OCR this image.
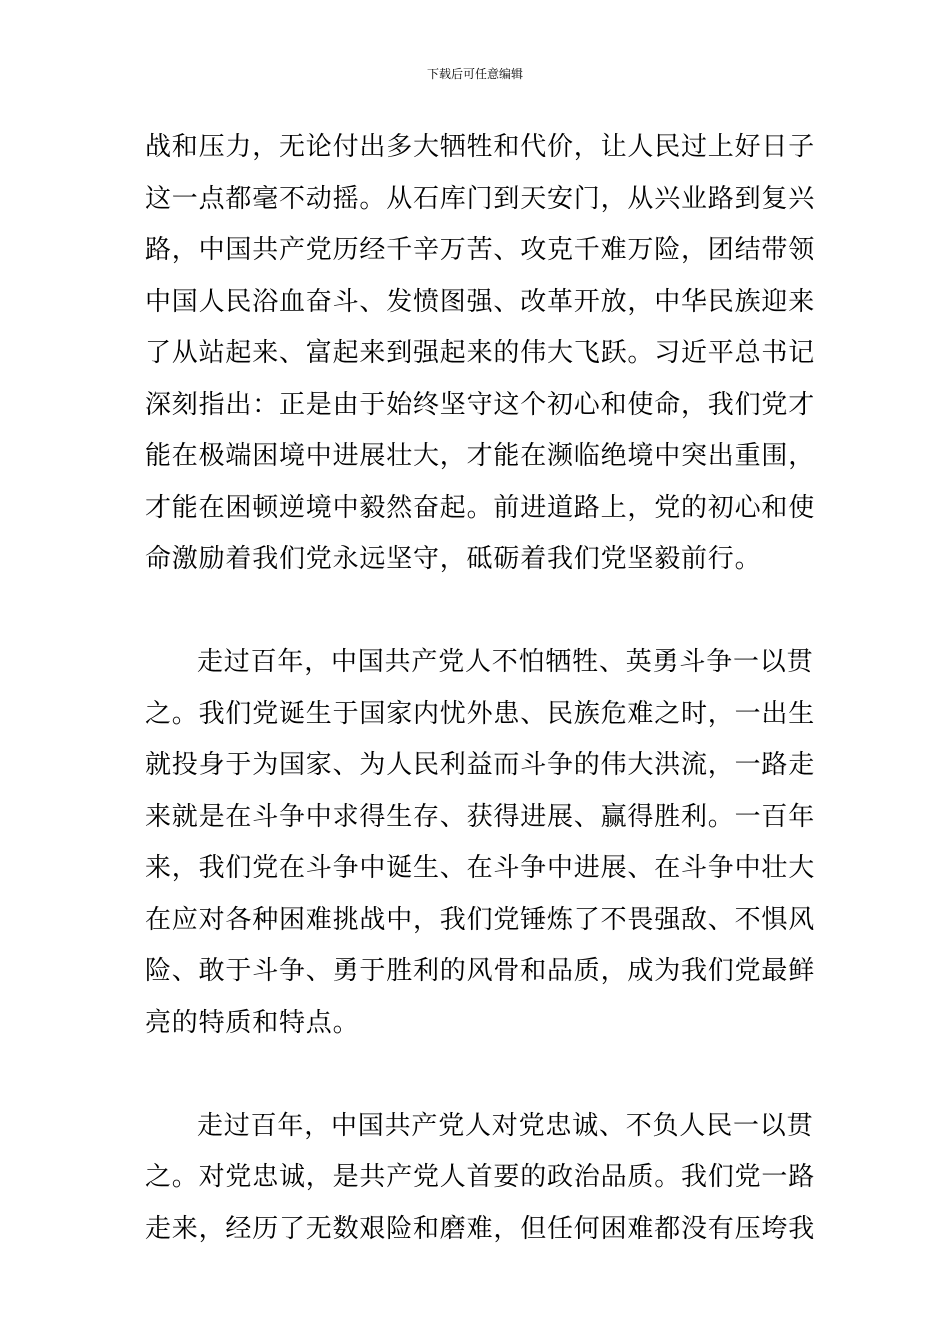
下载后可任意编辑

战和压力，无论付出多大牺牲和代价，让人民过上好日子
这一点都毫不动摇。从石库门到天安门，从兴业路到复兴
路，中国共产党历经千辛万苦、攻克千难万险，团结带领
中国人民浴血奋斗、发愤图强、改革开放，中华民族迎来
了从站起来、富起来到强起来的伟大飞跃。习近平总书记
深刻指出：正是由于始终坚守这个初心和使命，我们党才
能在极端困境中进展壮大，才能在濒临绝境中突出重围，
才能在困顿逆境中毅然奋起。前进道路上，党的初心和使
命激励着我们党永远坚守，砥砺着我们党坚毅前行。

走过百年，中国共产党人不怕牺牲、英勇斗争一以贯
之。我们党诞生于国家内忧外患、民族危难之时，一出生
就投身于为国家、为人民利益而斗争的伟大洪流，一路走
来就是在斗争中求得生存、获得进展、赢得胜利。一百年
来，我们党在斗争中诞生、在斗争中进展、在斗争中壮大
在应对各种困难挑战中，我们党锤炼了不畏强敌、不惧风
险、敢于斗争、勇于胜利的风骨和品质，成为我们党最鲜
亮的特质和特点。

走过百年，中国共产党人对党忠诚、不负人民一以贯
之。对党忠诚，是共产党人首要的政治品质。我们党一路
走来，经历了无数艰险和磨难，但任何困难都没有压垮我
